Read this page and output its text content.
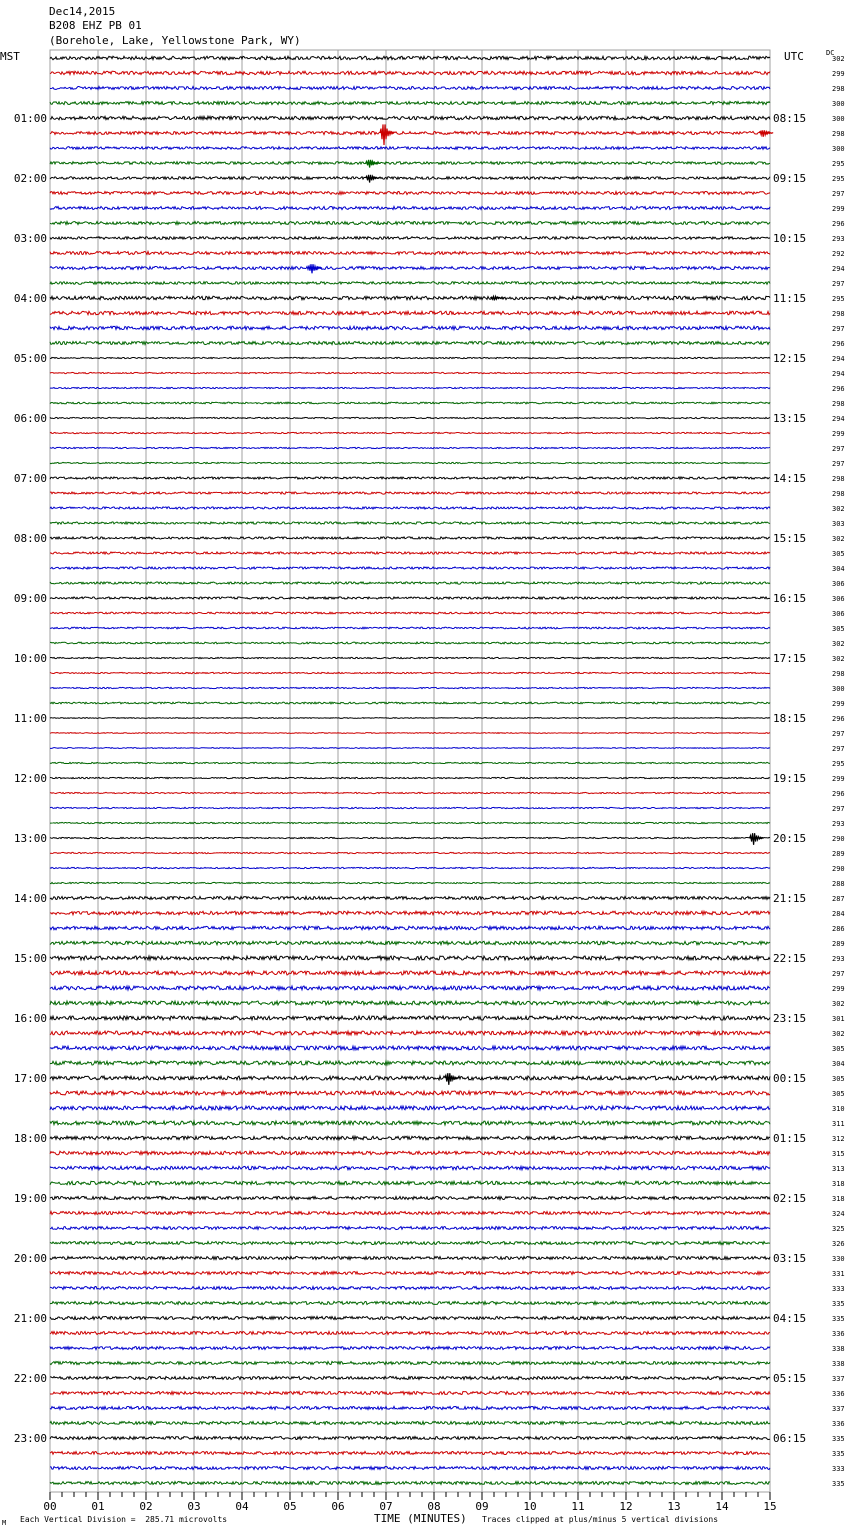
Dec14,2015
B208 EHZ PB 01
(Borehole, Lake, Yellowstone Park, WY)
MST	UTC	DC
01:00
02:00
03:00
04:00
05:00
06:00
07:00
08:00
09:00
10:00
11:00
12:00
13:00
14:00
15:00
16:00
17:00
18:00
19:00
20:00
21:00
22:00
23:00
08:15
09:15
10:15
11:15
12:15
13:15
14:15
15:15
16:15
17:15
18:15
19:15
20:15
21:15
22:15
23:15
00:15
01:15
02:15
03:15
04:15
05:15
06:15
302
299
298
300
300
298
300
295
295
297
299
296
293
292
294
297
295
298
297
296
294
294
296
298
294
299
297
297
298
298
302
303
302
305
304
306
306
306
305
302
302
298
300
299
296
297
297
295
299
296
297
293
290
289
290
288
287
284
286
289
293
297
299
302
301
302
305
304
305
305
310
311
312
315
313
318
318
324
325
326
330
331
333
335
335
336
338
338
337
336
337
336
335
335
333
335
00	01	02	03	04	05	06	07	08	09	10	11	12	13	14	15
M Each Vertical Division =  285.71 microvolts	TIME (MINUTES) Traces clipped at plus/minus 5 vertical divisions
